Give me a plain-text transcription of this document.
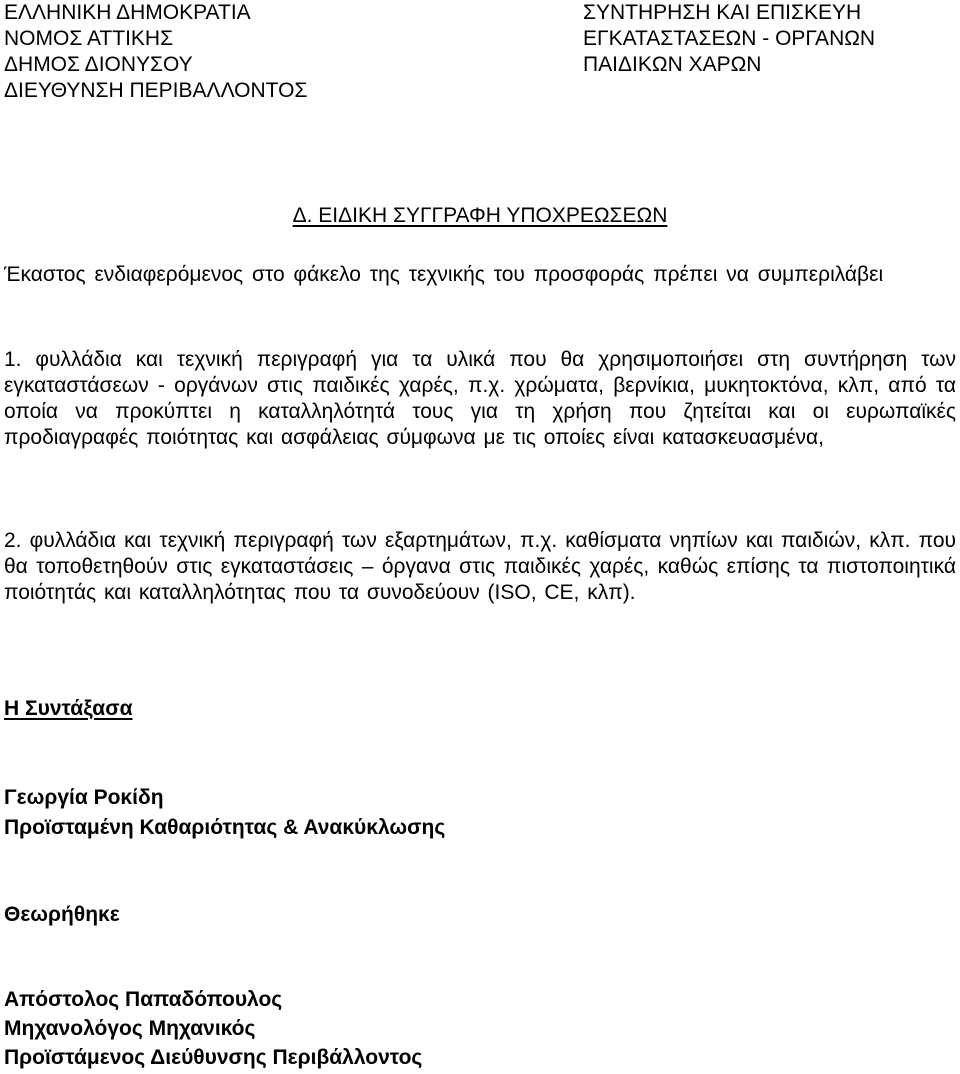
ΕΛΛΗΝΙΚΗ ΔΗΜΟΚΡΑΤΙΑ
ΝΟΜΟΣ ΑΤΤΙΚΗΣ
ΔΗΜΟΣ ΔΙΟΝΥΣΟΥ
ΔΙΕΥΘΥΝΣΗ ΠΕΡΙΒΑΛΛΟΝΤΟΣ
ΣΥΝΤΗΡΗΣΗ ΚΑΙ ΕΠΙΣΚΕΥΗ
ΕΓΚΑΤΑΣΤΑΣΕΩΝ - ΟΡΓΑΝΩΝ
ΠΑΙΔΙΚΩΝ ΧΑΡΩΝ
Δ. ΕΙΔΙΚΗ ΣΥΓΓΡΑΦΗ ΥΠΟΧΡΕΩΣΕΩΝ
Έκαστος ενδιαφερόμενος στο φάκελο της τεχνικής του προσφοράς πρέπει να συμπεριλάβει
1. φυλλάδια και τεχνική περιγραφή για τα υλικά που θα χρησιμοποιήσει στη συντήρηση των εγκαταστάσεων - οργάνων στις παιδικές χαρές, π.χ. χρώματα, βερνίκια, μυκητοκτόνα, κλπ, από τα οποία να προκύπτει η καταλληλότητά τους για τη χρήση που ζητείται και οι ευρωπαϊκές προδιαγραφές ποιότητας και ασφάλειας σύμφωνα με τις οποίες είναι κατασκευασμένα,
2. φυλλάδια και τεχνική περιγραφή των εξαρτημάτων, π.χ. καθίσματα νηπίων και παιδιών, κλπ. που θα τοποθετηθούν στις εγκαταστάσεις – όργανα στις παιδικές χαρές, καθώς επίσης τα πιστοποιητικά ποιότητάς και καταλληλότητας που τα συνοδεύουν (ISO, CE, κλπ).
Η Συντάξασα
Γεωργία Ροκίδη
Προϊσταμένη Καθαριότητας & Ανακύκλωσης
Θεωρήθηκε
Απόστολος Παπαδόπουλος
Μηχανολόγος Μηχανικός
Προϊστάμενος Διεύθυνσης Περιβάλλοντος
